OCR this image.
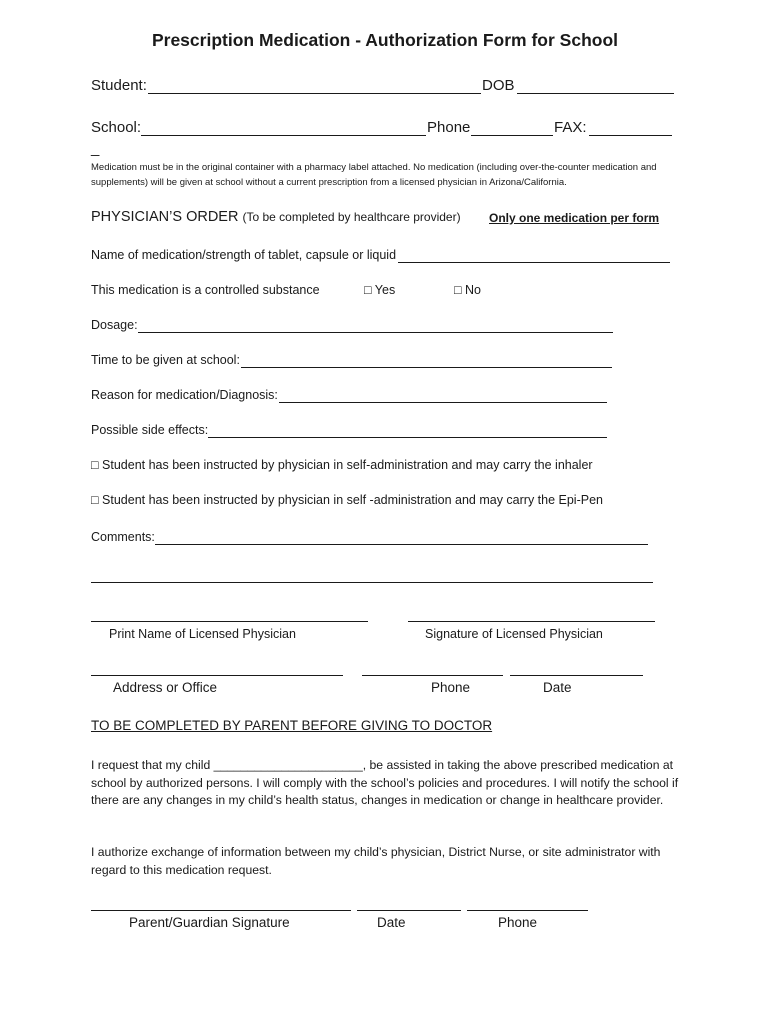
Prescription Medication - Authorization Form for School
Student:	DOB
School:	Phone	FAX:
_
Medication must be in the original container with a pharmacy label attached. No medication (including over-the-counter medication and supplements) will be given at school without a current prescription from a licensed physician in Arizona/California.
PHYSICIAN’S ORDER (To be completed by healthcare provider) Only one medication per form
Name of medication/strength of tablet, capsule or liquid
This medication is a controlled substance	□ Yes	□ No
Dosage:
Time to be given at school:
Reason for medication/Diagnosis:
Possible side effects:
□ Student has been instructed by physician in self-administration and may carry the inhaler
□ Student has been instructed by physician in self -administration and may carry the Epi-Pen
Comments:
Print Name of Licensed Physician	Signature of Licensed Physician
Address or Office	Phone	Date
TO BE COMPLETED BY PARENT BEFORE GIVING TO DOCTOR
I request that my child ______________________, be assisted in taking the above prescribed medication at school by authorized persons. I will comply with the school’s policies and procedures. I will notify the school if there are any changes in my child’s health status, changes in medication or change in healthcare provider.
I authorize exchange of information between my child’s physician, District Nurse, or site administrator with regard to this medication request.
Parent/Guardian Signature	Date	Phone
